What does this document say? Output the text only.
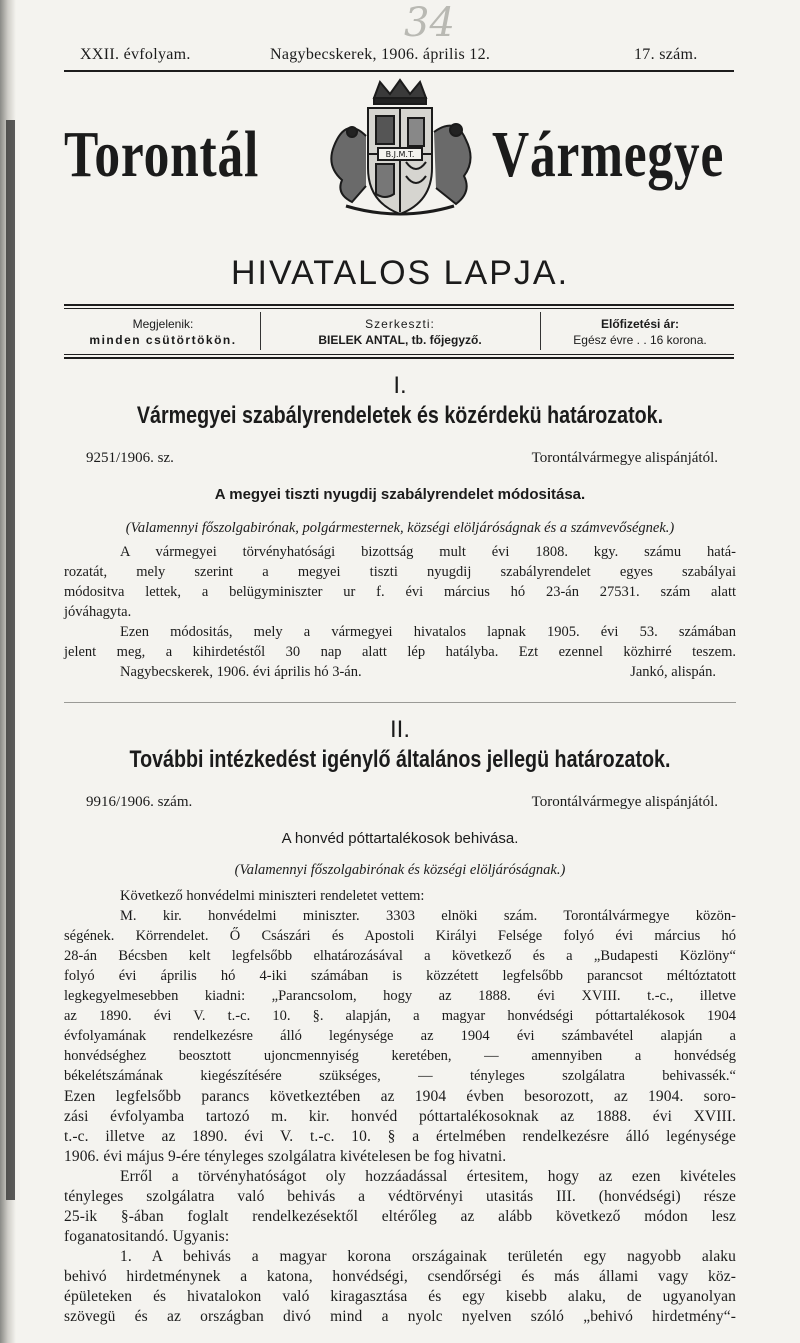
34
XXII. évfolyam.	Nagybecskerek, 1906. április 12.	17. szám.
Torontál	B.J.M.T. Vármegye
HIVATALOS LAPJA.
Megjelenik:
minden csütörtökön.
Szerkeszti:
BIELEK ANTAL, tb. főjegyző.
Előfizetési ár:
Egész évre . . 16 korona.
I.
Vármegyei szabályrendeletek és közérdekü határozatok.
9251/1906. sz.	Torontálvármegye alispánjától.
A megyei tiszti nyugdij szabályrendelet módositása.
(Valamennyi főszolgabirónak, polgármesternek, községi elöljáróságnak és a számvevőségnek.)
A vármegyei törvényhatósági bizottság mult évi 1808. kgy. számu hatá-
rozatát, mely szerint a megyei tiszti nyugdij szabályrendelet egyes szabályai
módositva lettek, a belügyminiszter ur f. évi március hó 23-án 27531. szám alatt
jóváhagyta.
Ezen módositás, mely a vármegyei hivatalos lapnak 1905. évi 53. számában
jelent meg, a kihirdetéstől 30 nap alatt lép hatályba. Ezt ezennel közhirré teszem.
Nagybecskerek, 1906. évi április hó 3-án.	Jankó, alispán.
II.
További intézkedést igénylő általános jellegü határozatok.
9916/1906. szám.	Torontálvármegye alispánjától.
A honvéd póttartalékosok behivása.
(Valamennyi főszolgabirónak és községi elöljáróságnak.)
Következő honvédelmi miniszteri rendeletet vettem:
M. kir. honvédelmi miniszter. 3303 elnöki szám. Torontálvármegye közön-
ségének. Körrendelet. Ő Császári és Apostoli Királyi Felsége folyó évi március hó
28-án Bécsben kelt legfelsőbb elhatározásával a következő és a „Budapesti Közlöny“
folyó évi április hó 4-iki számában is közzétett legfelsőbb parancsot méltóztatott
legkegyelmesebben kiadni: „Parancsolom, hogy az 1888. évi XVIII. t.-c., illetve
az 1890. évi V. t.-c. 10. §. alapján, a magyar honvédségi póttartalékosok 1904
évfolyamának rendelkezésre álló legénysége az 1904 évi számbavétel alapján a
honvédséghez beosztott ujoncmennyiség keretében, — amennyiben a honvédség
békelétszámának kiegészítésére szükséges, — tényleges szolgálatra behivassék.“
Ezen legfelsőbb parancs következtében az 1904 évben besorozott, az 1904. soro-
zási évfolyamba tartozó m. kir. honvéd póttartalékosoknak az 1888. évi XVIII.
t.-c. illetve az 1890. évi V. t.-c. 10. § a értelmében rendelkezésre álló legénysége
1906. évi május 9-ére tényleges szolgálatra kivételesen be fog hivatni.
Erről a törvényhatóságot oly hozzáadással értesitem, hogy az ezen kivételes
tényleges szolgálatra való behivás a védtörvényi utasitás III. (honvédségi) része
25-ik §-ában foglalt rendelkezésektől eltérőleg az alább következő módon lesz
foganatositandó. Ugyanis:
1. A behivás a magyar korona országainak területén egy nagyobb alaku
behivó hirdetménynek a katona, honvédségi, csendőrségi és más állami vagy köz-
épületeken és hivatalokon való kiragasztása és egy kisebb alaku, de ugyanolyan
szövegü és az országban divó mind a nyolc nyelven szóló „behivó hirdetmény“-
